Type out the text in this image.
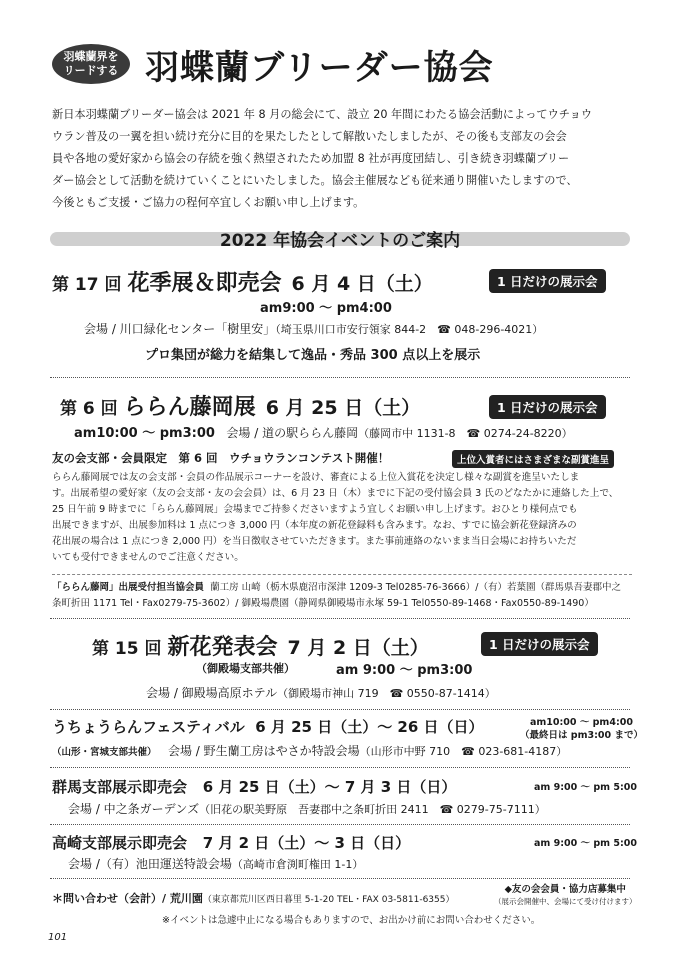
羽蝶蘭界を
リードする 羽蝶蘭ブリーダー協会

新日本羽蝶蘭ブリーダー協会は 2021 年 8 月の総会にて、設立 20 年間にわたる協会活動によってウチョウ

ウラン普及の一翼を担い続け充分に目的を果たしたとして解散いたしましたが、その後も支部友の会会

員や各地の愛好家から協会の存続を強く熱望されたため加盟 8 社が再度団結し、引き続き羽蝶蘭ブリー

ダー協会として活動を続けていくことにいたしました。協会主催展なども従来通り開催いたしますので、

今後ともご支援・ご協力の程何卒宜しくお願い申し上げます。

2022 年協会イベントのご案内
第 17 回 花季展＆即売会 6 月 4 日（土）	1 日だけの展示会
am9:00 ～ pm4:00
会場 / 川口緑化センター「樹里安」（埼玉県川口市安行領家 844-2　☎ 048-296-4021）
プロ集団が総力を結集して逸品・秀品 300 点以上を展示
第 6 回 ららん藤岡展 6 月 25 日（土）	1 日だけの展示会
am10:00 ～ pm3:00 会場 / 道の駅ららん藤岡（藤岡市中 1131-8　☎ 0274-24-8220）
友の会支部・会員限定　第 6 回　ウチョウランコンテスト開催！	上位入賞者にはさまざまな副賞進呈
ららん藤岡展では友の会支部・会員の作品展示コーナーを設け、審査による上位入賞花を決定し様々な副賞を進呈いたしま
す。出展希望の愛好家（友の会支部・友の会会員）は、6 月 23 日（木）までに下記の受付協会員 3 氏のどなたかに連絡した上で、
25 日午前 9 時までに「ららん藤岡展」会場までご持参くださいますよう宜しくお願い申し上げます。おひとり様何点でも
出展できますが、出展参加料は 1 点につき 3,000 円（本年度の新花登録料も含みます。なお、すでに協会新花登録済みの
花出展の場合は 1 点につき 2,000 円）を当日徴収させていただきます。また事前連絡のないまま当日会場にお持ちいただ
いても受付できませんのでご注意ください。
「ららん藤岡」出展受付担当協会員 蘭工房 山崎（栃木県鹿沼市深津 1209-3 Tel0285-76-3666）/（有）若葉園（群馬県吾妻郡中之
条町折田 1171 Tel・Fax0279-75-3602）/ 御殿場農園（静岡県御殿場市永塚 59-1 Tel0550-89-1468・Fax0550-89-1490）
第 15 回 新花発表会 7 月 2 日（土）	1 日だけの展示会
（御殿場支部共催）	am 9:00 ～ pm3:00
会場 / 御殿場高原ホテル（御殿場市神山 719　☎ 0550-87-1414）
うちょうらんフェスティバル 6 月 25 日（土）～ 26 日（日）	am10:00 ～ pm4:00
（最終日は pm3:00 まで）
（山形・宮城支部共催） 会場 / 野生蘭工房はやさか特設会場（山形市中野 710　☎ 023-681-4187）
群馬支部展示即売会 6 月 25 日（土）～ 7 月 3 日（日）	am 9:00 ～ pm 5:00
会場 / 中之条ガーデンズ（旧花の駅美野原　吾妻郡中之条町折田 2411　☎ 0279-75-7111）
高崎支部展示即売会 7 月 2 日（土）～ 3 日（日）	am 9:00 ～ pm 5:00
会場 /（有）池田運送特設会場（高崎市倉渕町権田 1-1）
＊問い合わせ（会計）/ 荒川園（東京都荒川区西日暮里 5-1-20 TEL・FAX 03-5811-6355）
◆友の会会員・協力店募集中
（展示会開催中、会場にて受け付けます）
※イベントは急遽中止になる場合もありますので、お出かけ前にお問い合わせください。
101
